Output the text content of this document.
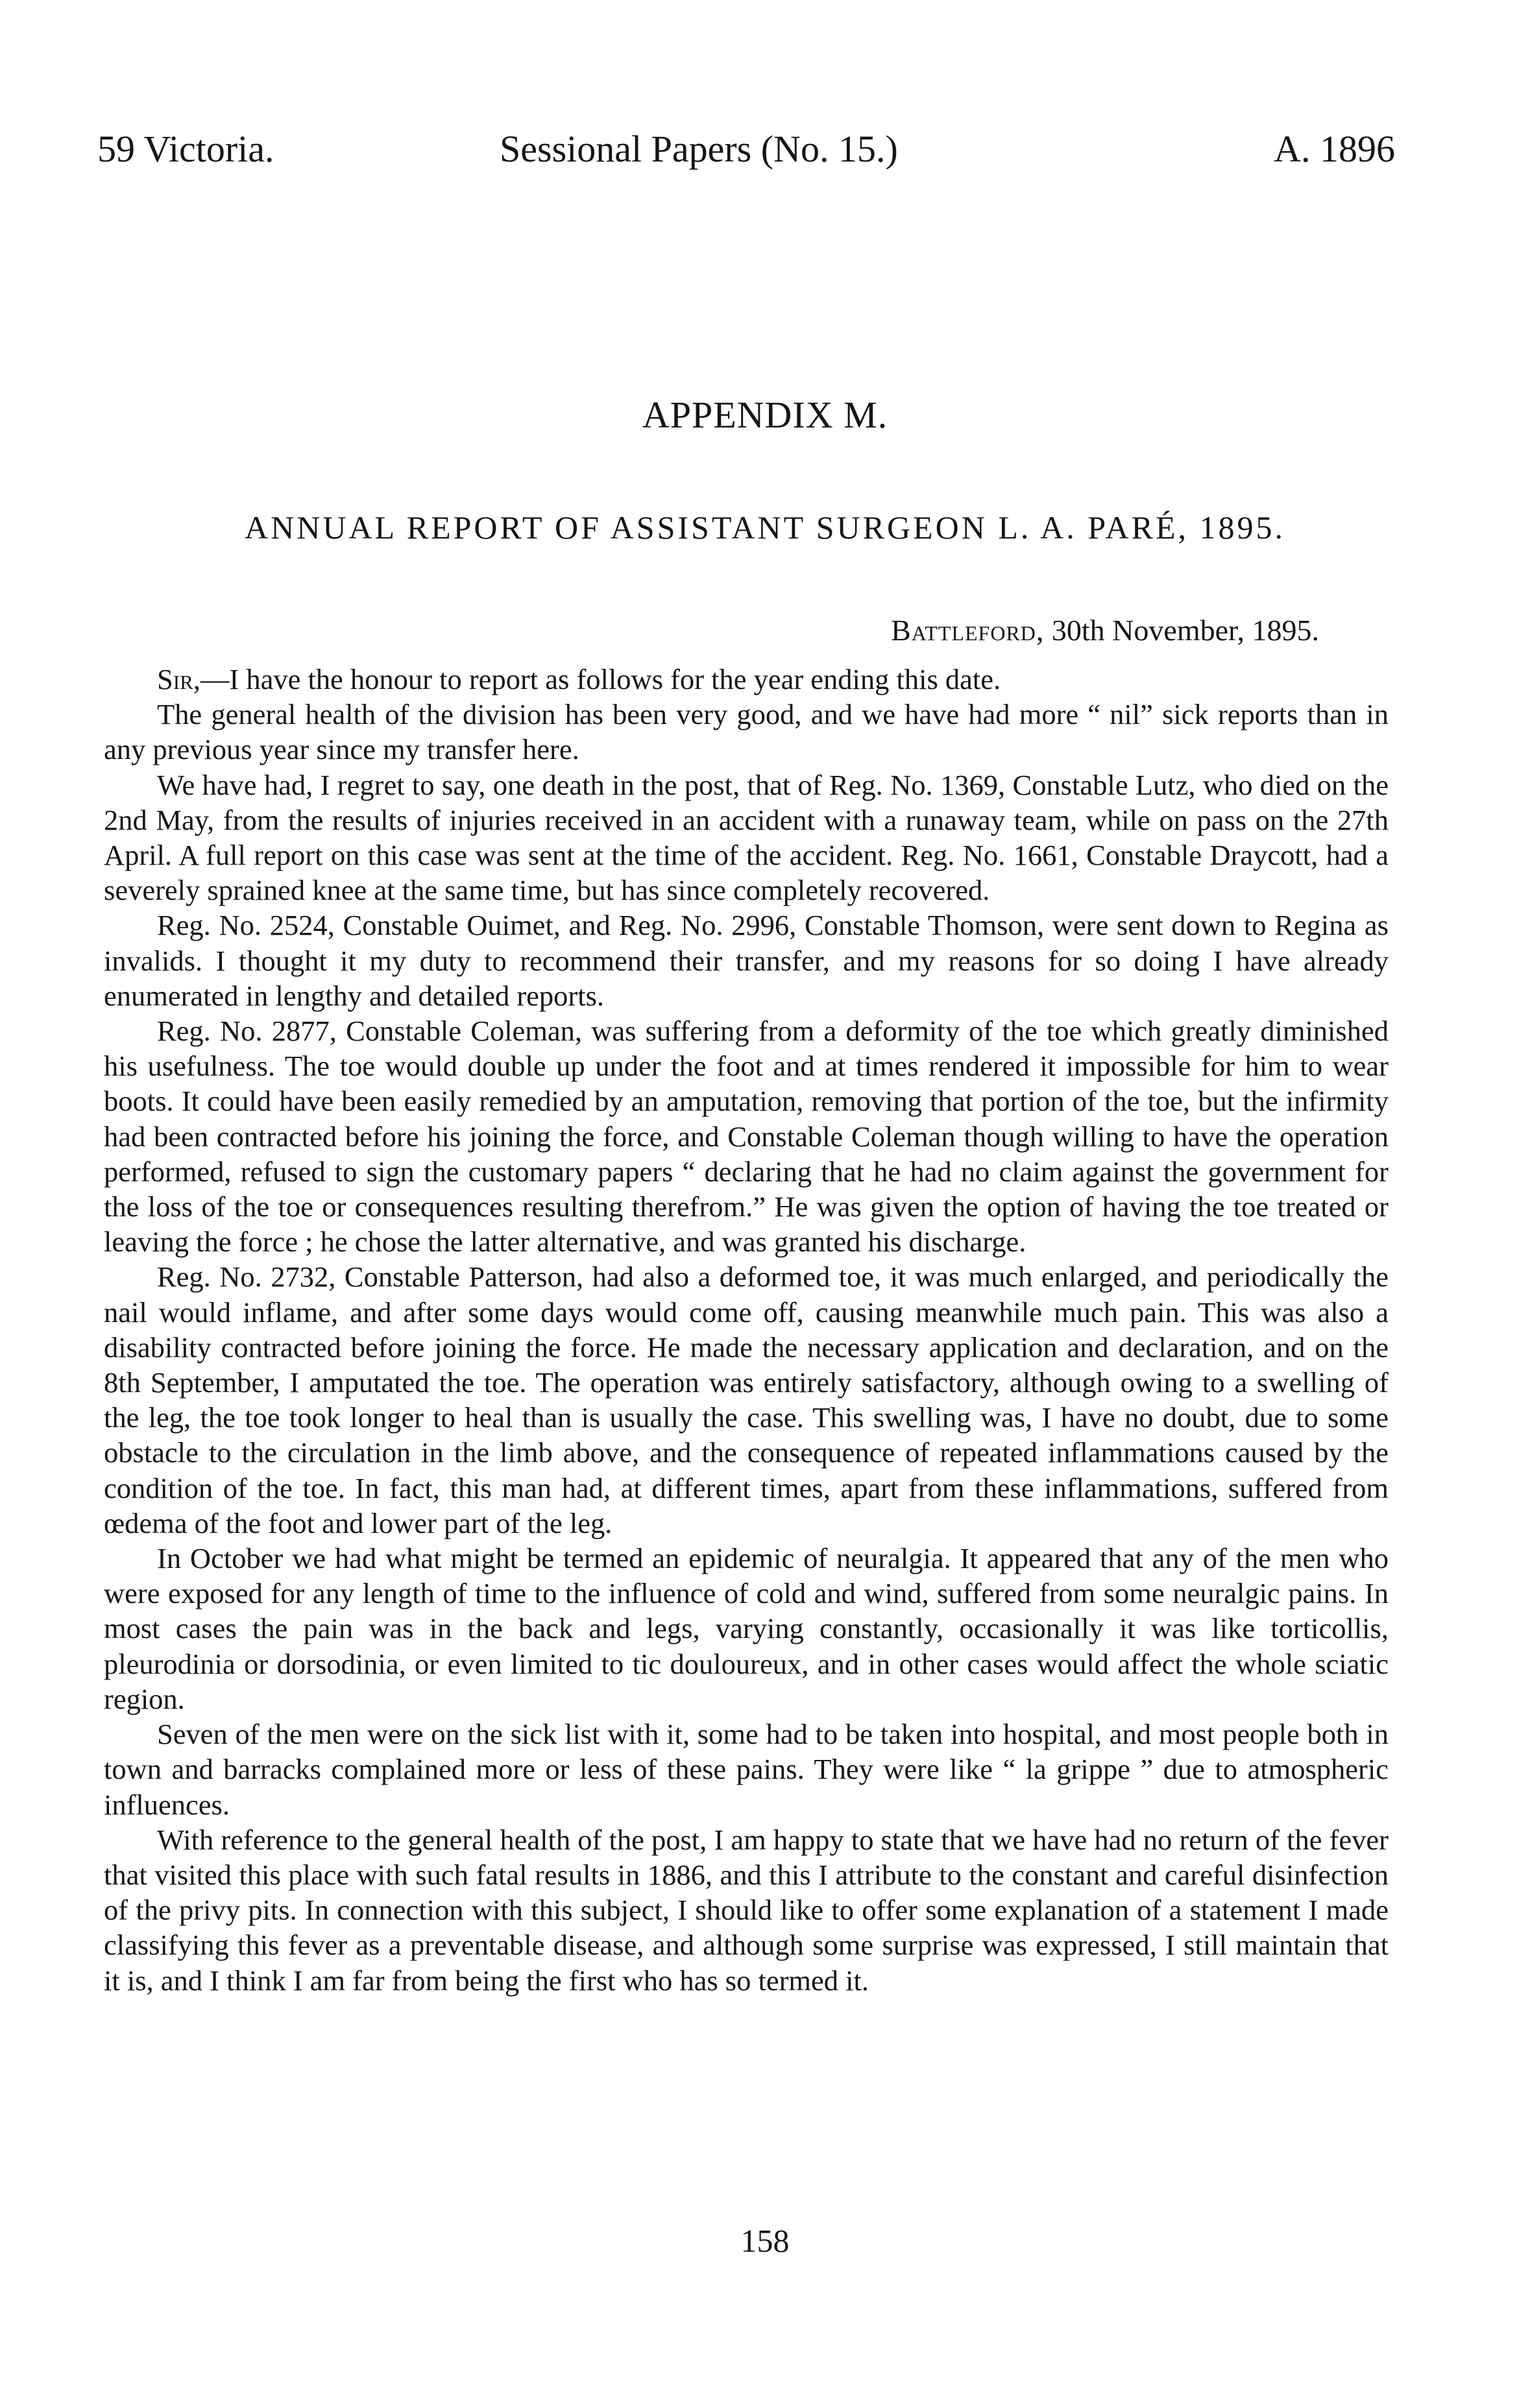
59 Victoria.	Sessional Papers (No. 15.)	A. 1896
APPENDIX M.
ANNUAL REPORT OF ASSISTANT SURGEON L. A. PARÉ, 1895.
Battleford, 30th November, 1895.

Sir,—I have the honour to report as follows for the year ending this date.

The general health of the division has been very good, and we have had more “ nil” sick reports than in any previous year since my transfer here.

We have had, I regret to say, one death in the post, that of Reg. No. 1369, Constable Lutz, who died on the 2nd May, from the results of injuries received in an accident with a runaway team, while on pass on the 27th April. A full report on this case was sent at the time of the accident. Reg. No. 1661, Constable Draycott, had a severely sprained knee at the same time, but has since completely recovered.

Reg. No. 2524, Constable Ouimet, and Reg. No. 2996, Constable Thomson, were sent down to Regina as invalids. I thought it my duty to recommend their transfer, and my reasons for so doing I have already enumerated in lengthy and detailed reports.

Reg. No. 2877, Constable Coleman, was suffering from a deformity of the toe which greatly diminished his usefulness. The toe would double up under the foot and at times rendered it impossible for him to wear boots. It could have been easily remedied by an amputation, removing that portion of the toe, but the infirmity had been contracted before his joining the force, and Constable Coleman though willing to have the operation performed, refused to sign the customary papers “ declaring that he had no claim against the government for the loss of the toe or consequences resulting therefrom.” He was given the option of having the toe treated or leaving the force ; he chose the latter alternative, and was granted his discharge.

Reg. No. 2732, Constable Patterson, had also a deformed toe, it was much enlarged, and periodically the nail would inflame, and after some days would come off, causing meanwhile much pain. This was also a disability contracted before joining the force. He made the necessary application and declaration, and on the 8th September, I amputated the toe. The operation was entirely satisfactory, although owing to a swelling of the leg, the toe took longer to heal than is usually the case. This swelling was, I have no doubt, due to some obstacle to the circulation in the limb above, and the consequence of repeated inflammations caused by the condition of the toe. In fact, this man had, at different times, apart from these inflammations, suffered from œdema of the foot and lower part of the leg.

In October we had what might be termed an epidemic of neuralgia. It appeared that any of the men who were exposed for any length of time to the influence of cold and wind, suffered from some neuralgic pains. In most cases the pain was in the back and legs, varying constantly, occasionally it was like torticollis, pleurodinia or dorsodinia, or even limited to tic douloureux, and in other cases would affect the whole sciatic region.

Seven of the men were on the sick list with it, some had to be taken into hospital, and most people both in town and barracks complained more or less of these pains. They were like “ la grippe ” due to atmospheric influences.

With reference to the general health of the post, I am happy to state that we have had no return of the fever that visited this place with such fatal results in 1886, and this I attribute to the constant and careful disinfection of the privy pits. In connection with this subject, I should like to offer some explanation of a statement I made classifying this fever as a preventable disease, and although some surprise was expressed, I still maintain that it is, and I think I am far from being the first who has so termed it.

158
